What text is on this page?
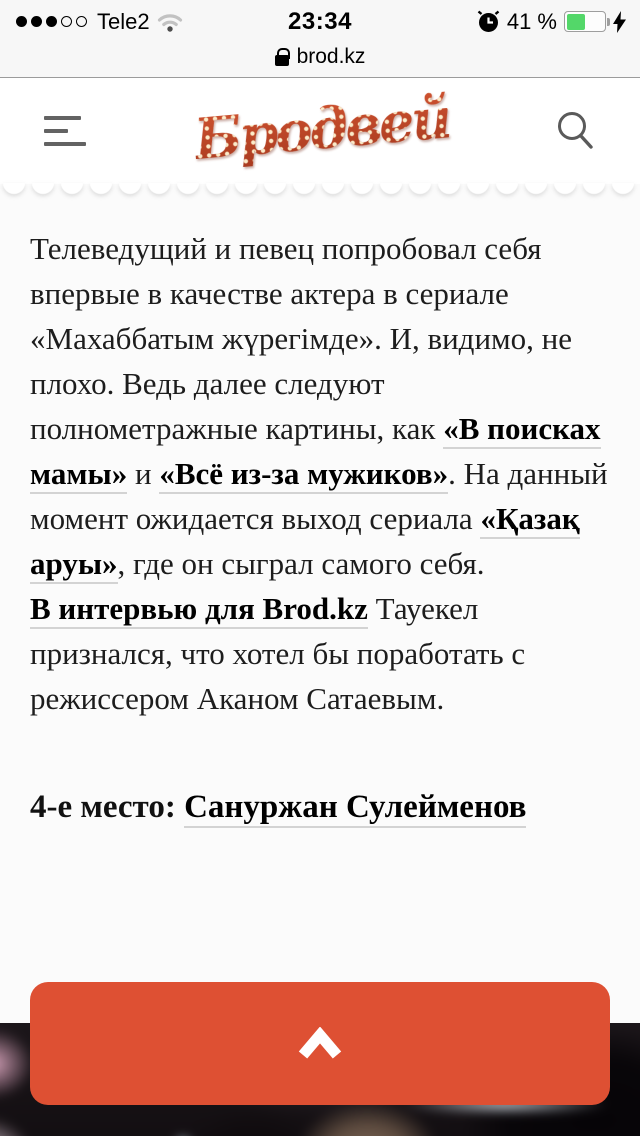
23:34
Tele2	41 %
brod.kz
Бродвей

Телеведущий и певец попробовал себя впервые в качестве актера в сериале «Махаббатым жүрегімде». И, видимо, не плохо. Ведь далее следуют полнометражные картины, как «В поисках мамы» и «Всё из-за мужиков». На данный момент ожидается выход сериала «Қазақ аруы», где он сыграл самого себя.

В интервью для Brod.kz Тауекел признался, что хотел бы поработать с режиссером Аканом Сатаевым.

4-е место: Сануржан Сулейменов
